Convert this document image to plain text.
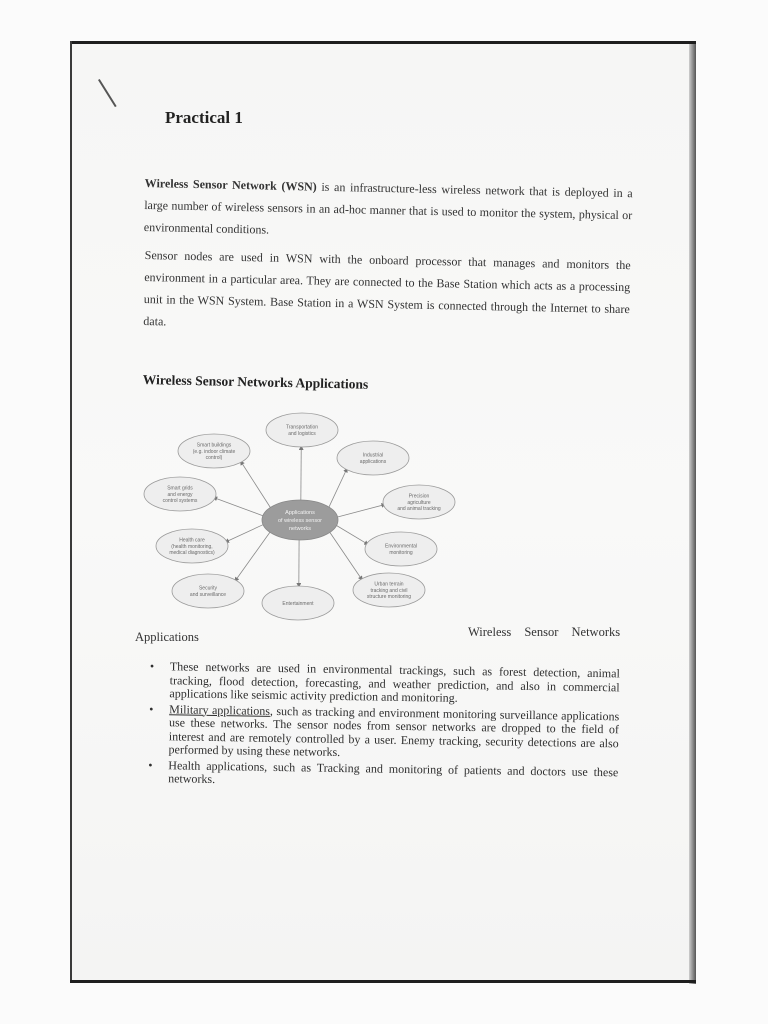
Practical 1
Wireless Sensor Network (WSN) is an infrastructure-less wireless network that is deployed in a large number of wireless sensors in an ad-hoc manner that is used to monitor the system, physical or environmental conditions.
Sensor nodes are used in WSN with the onboard processor that manages and monitors the environment in a particular area. They are connected to the Base Station which acts as a processing unit in the WSN System. Base Station in a WSN System is connected through the Internet to share data.
Wireless Sensor Networks Applications
Applications
of wireless sensor
networks
Transportation
and logistics
Industrial
applications
Precision
agriculture
and animal tracking
Environmental
monitoring
Urban terrain
tracking and civil
structure monitoring
Entertainment
Security
and surveillance
Health care
(health monitoring,
medical diagnostics)
Smart grids
and energy
control systems
Smart buildings
(e.g. indoor climate
control)
Applications	Wireless Sensor Networks
• These networks are used in environmental trackings, such as forest detection, animal tracking, flood detection, forecasting, and weather prediction, and also in commercial applications like seismic activity prediction and monitoring.
• Military applications, such as tracking and environment monitoring surveillance applications use these networks. The sensor nodes from sensor networks are dropped to the field of interest and are remotely controlled by a user. Enemy tracking, security detections are also performed by using these networks.
• Health applications, such as Tracking and monitoring of patients and doctors use these networks.
